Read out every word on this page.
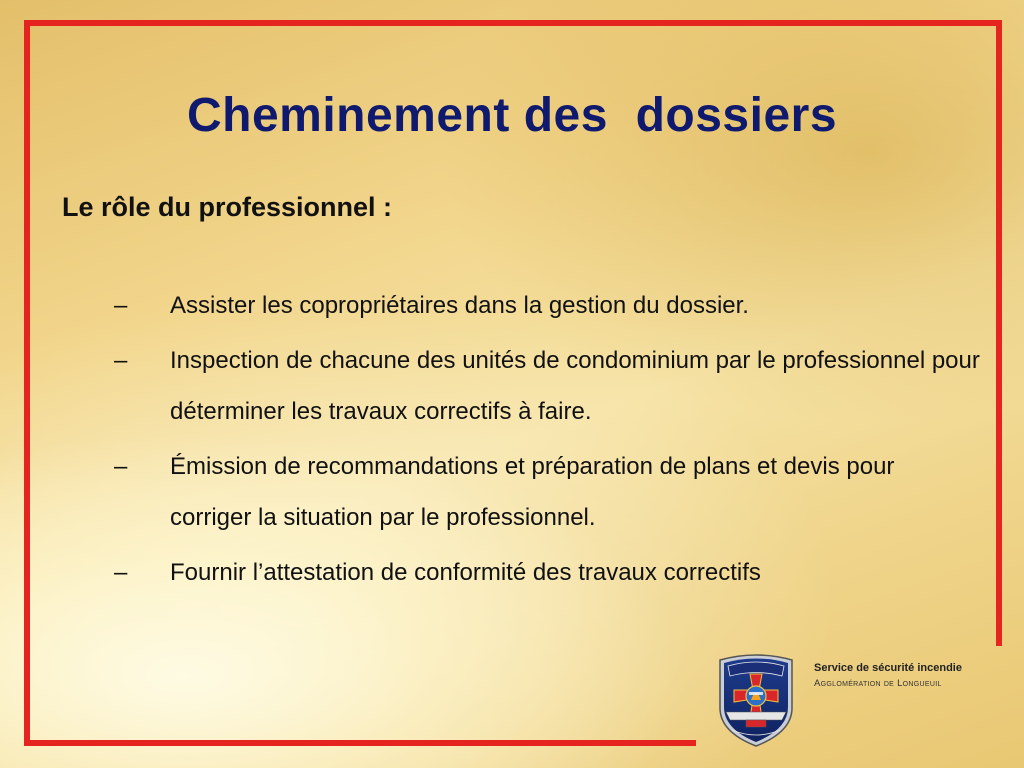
Cheminement des  dossiers
Le rôle du professionnel :
– Assister les copropriétaires dans la gestion du dossier.
– Inspection de chacune des unités de condominium par le professionnel pour déterminer les travaux correctifs à faire.
– Émission de recommandations et préparation de plans et devis pour corriger la situation par le professionnel.
– Fournir l’attestation de conformité des travaux correctifs
Service de sécurité incendie
Agglomération de Longueuil
